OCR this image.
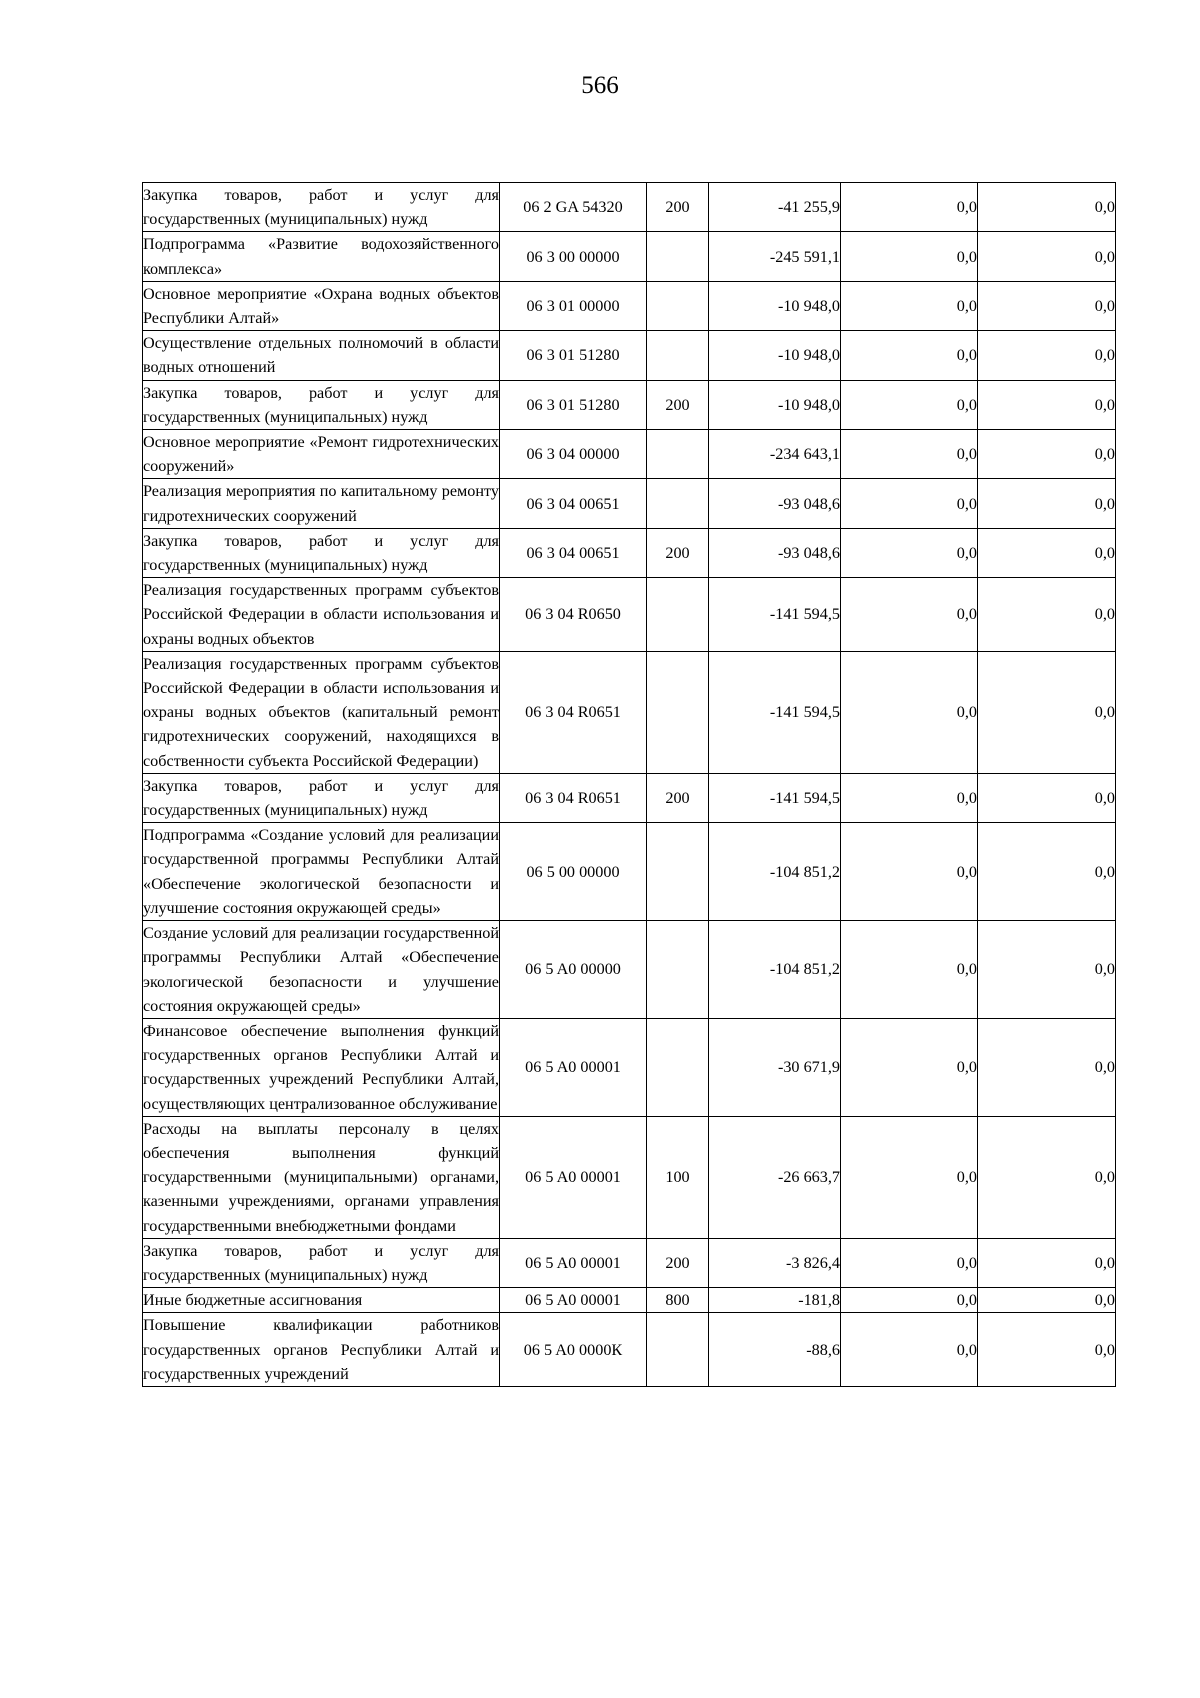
566
Закупка товаров, работ и услуг для государственных (муниципальных) нужд	06 2 GA 54320	200	-41 255,9	0,0	0,0
Подпрограмма «Развитие водохозяйственного комплекса»	06 3 00 00000		-245 591,1	0,0	0,0
Основное мероприятие «Охрана водных объектов Республики Алтай»	06 3 01 00000		-10 948,0	0,0	0,0
Осуществление отдельных полномочий в области водных отношений	06 3 01 51280		-10 948,0	0,0	0,0
Закупка товаров, работ и услуг для государственных (муниципальных) нужд	06 3 01 51280	200	-10 948,0	0,0	0,0
Основное мероприятие «Ремонт гидротехнических сооружений»	06 3 04 00000		-234 643,1	0,0	0,0
Реализация мероприятия по капитальному ремонту гидротехнических сооружений	06 3 04 00651		-93 048,6	0,0	0,0
Закупка товаров, работ и услуг для государственных (муниципальных) нужд	06 3 04 00651	200	-93 048,6	0,0	0,0
Реализация государственных программ субъектов Российской Федерации в области использования и охраны водных объектов	06 3 04 R0650		-141 594,5	0,0	0,0
Реализация государственных программ субъектов Российской Федерации в области использования и охраны водных объектов (капитальный ремонт гидротехнических сооружений, находящихся в собственности субъекта Российской Федерации)	06 3 04 R0651		-141 594,5	0,0	0,0
Закупка товаров, работ и услуг для государственных (муниципальных) нужд	06 3 04 R0651	200	-141 594,5	0,0	0,0
Подпрограмма «Создание условий для реализации государственной программы Республики Алтай «Обеспечение экологической безопасности и улучшение состояния окружающей среды»	06 5 00 00000		-104 851,2	0,0	0,0
Создание условий для реализации государственной программы Республики Алтай «Обеспечение экологической безопасности и улучшение состояния окружающей среды»	06 5 A0 00000		-104 851,2	0,0	0,0
Финансовое обеспечение выполнения функций государственных органов Республики Алтай и государственных учреждений Республики Алтай, осуществляющих централизованное обслуживание	06 5 A0 00001		-30 671,9	0,0	0,0
Расходы на выплаты персоналу в целях обеспечения выполнения функций государственными (муниципальными) органами, казенными учреждениями, органами управления государственными внебюджетными фондами	06 5 A0 00001	100	-26 663,7	0,0	0,0
Закупка товаров, работ и услуг для государственных (муниципальных) нужд	06 5 A0 00001	200	-3 826,4	0,0	0,0
Иные бюджетные ассигнования	06 5 A0 00001	800	-181,8	0,0	0,0
Повышение квалификации работников государственных органов Республики Алтай и государственных учреждений	06 5 A0 0000К		-88,6	0,0	0,0
